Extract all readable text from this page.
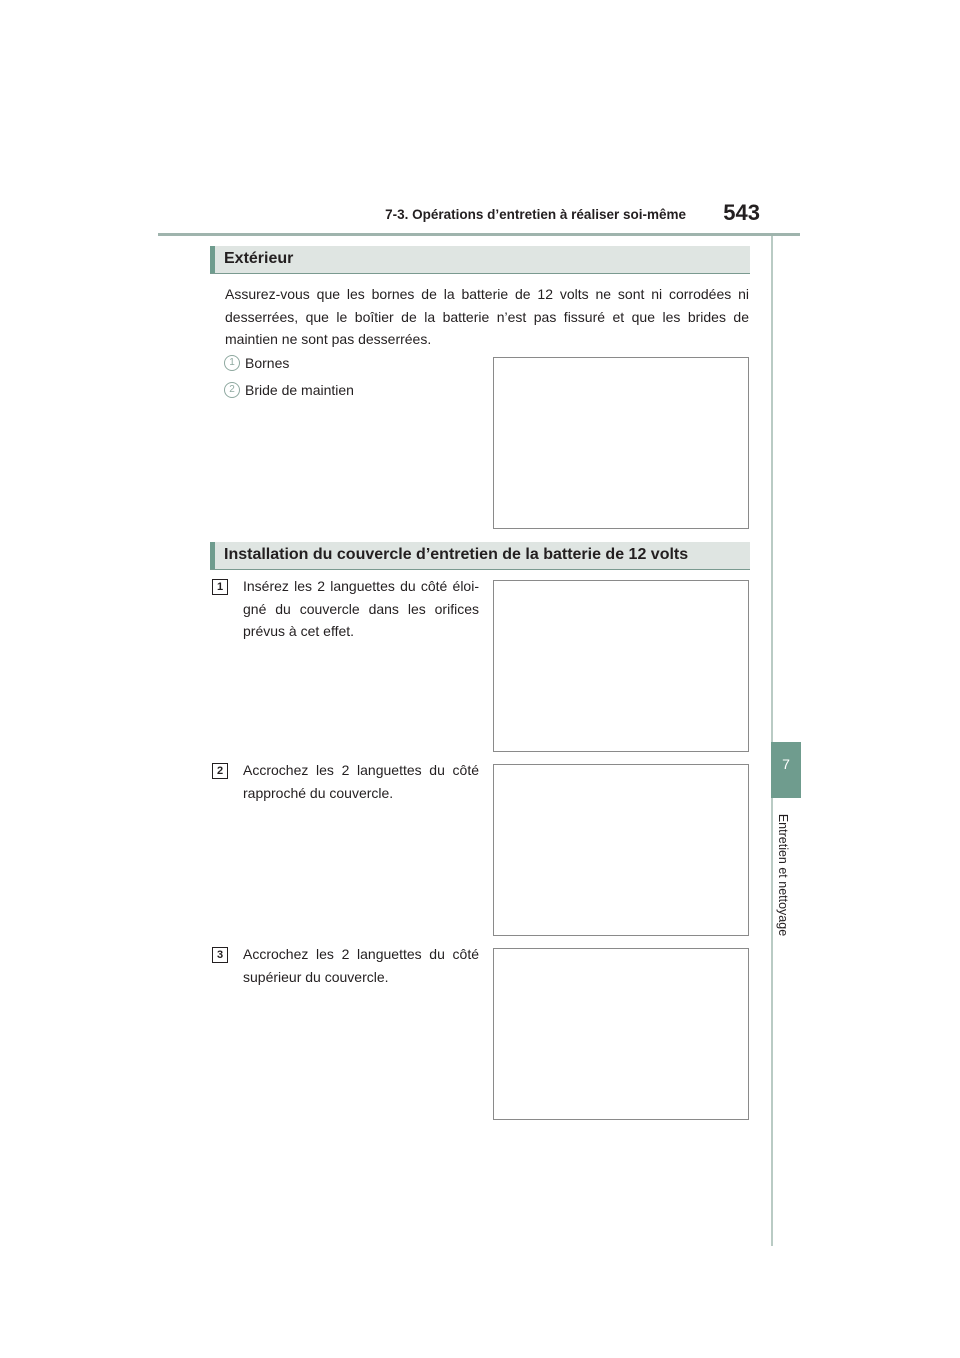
7-3. Opérations d’entretien à réaliser soi-même	543
7
Entretien et nettoyage
Extérieur
Assurez-vous que les bornes de la batterie de 12 volts ne sont ni corrodées ni desserrées, que le boîtier de la batterie n’est pas fissuré et que les brides de maintien ne sont pas desserrées.
1 Bornes
2 Bride de maintien
Installation du couvercle d’entretien de la batterie de 12 volts
1	Insérez les 2 languettes du côté éloi-gné du couvercle dans les orifices prévus à cet effet.
2	Accrochez les 2 languettes du côté rapproché du couvercle.
3	Accrochez les 2 languettes du côté supérieur du couvercle.
